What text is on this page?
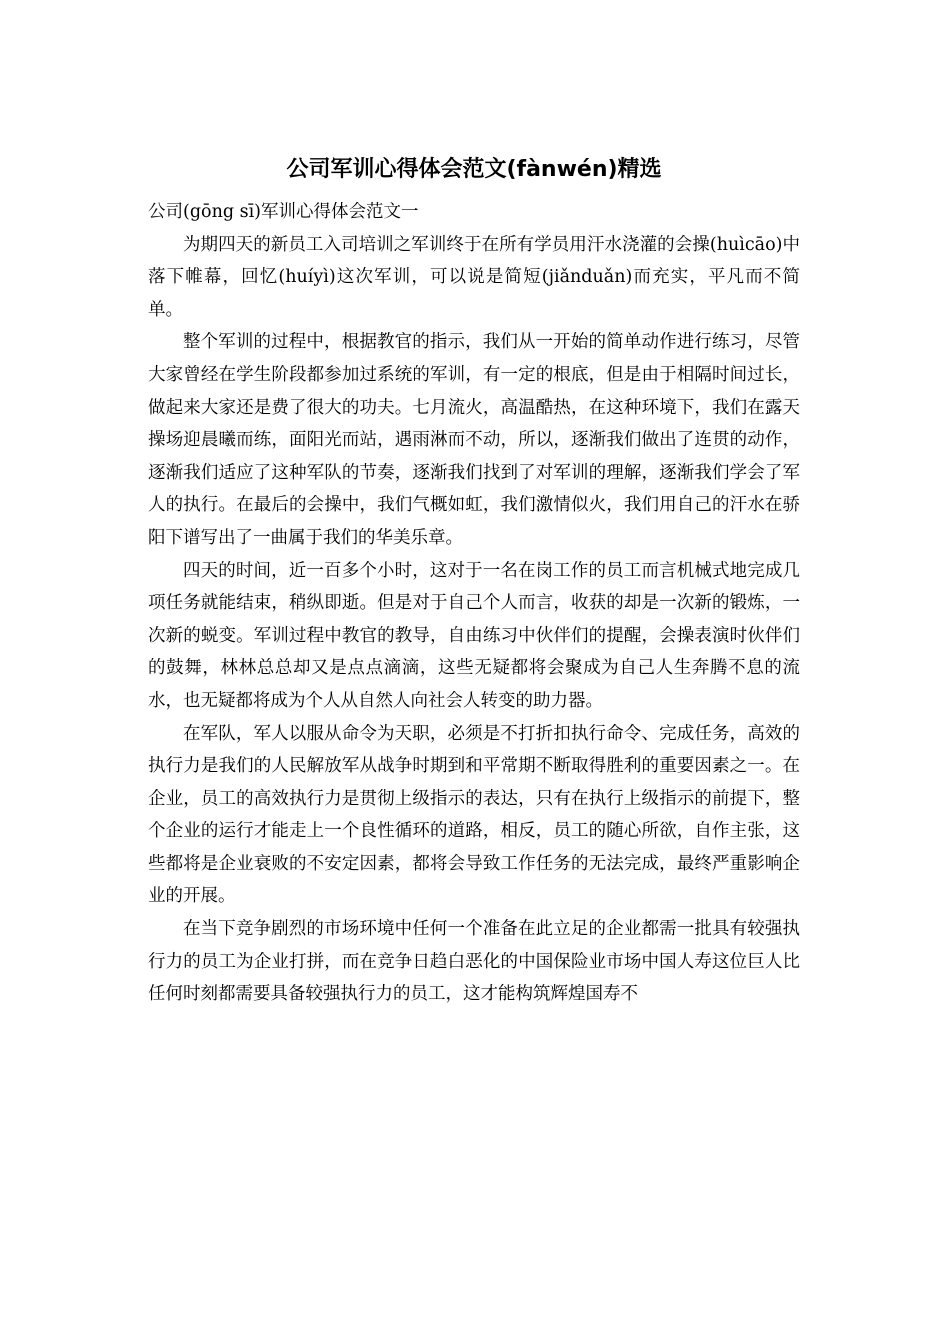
公司军训心得体会范文(fànwén)精选

公司(gōng sī)军训心得体会范文一

为期四天的新员工入司培训之军训终于在所有学员用汗水浇灌的会操(huìcāo)中落下帷幕，回忆(huíyì)这次军训，可以说是简短(jiǎnduǎn)而充实，平凡而不简单。

整个军训的过程中，根据教官的指示，我们从一开始的简单动作进行练习，尽管大家曾经在学生阶段都参加过系统的军训，有一定的根底，但是由于相隔时间过长，做起来大家还是费了很大的功夫。七月流火，高温酷热，在这种环境下，我们在露天操场迎晨曦而练，面阳光而站，遇雨淋而不动，所以，逐渐我们做出了连贯的动作，逐渐我们适应了这种军队的节奏，逐渐我们找到了对军训的理解，逐渐我们学会了军人的执行。在最后的会操中，我们气概如虹，我们激情似火，我们用自己的汗水在骄阳下谱写出了一曲属于我们的华美乐章。

四天的时间，近一百多个小时，这对于一名在岗工作的员工而言机械式地完成几项任务就能结束，稍纵即逝。但是对于自己个人而言，收获的却是一次新的锻炼，一次新的蜕变。军训过程中教官的教导，自由练习中伙伴们的提醒，会操表演时伙伴们的鼓舞，林林总总却又是点点滴滴，这些无疑都将会聚成为自己人生奔腾不息的流水，也无疑都将成为个人从自然人向社会人转变的助力器。

在军队，军人以服从命令为天职，必须是不打折扣执行命令、完成任务，高效的执行力是我们的人民解放军从战争时期到和平常期不断取得胜利的重要因素之一。在企业，员工的高效执行力是贯彻上级指示的表达，只有在执行上级指示的前提下，整个企业的运行才能走上一个良性循环的道路，相反，员工的随心所欲，自作主张，这些都将是企业衰败的不安定因素，都将会导致工作任务的无法完成，最终严重影响企业的开展。

在当下竞争剧烈的市场环境中任何一个准备在此立足的企业都需一批具有较强执行力的员工为企业打拼，而在竞争日趋白恶化的中国保险业市场中国人寿这位巨人比任何时刻都需要具备较强执行力的员工，这才能构筑辉煌国寿不
